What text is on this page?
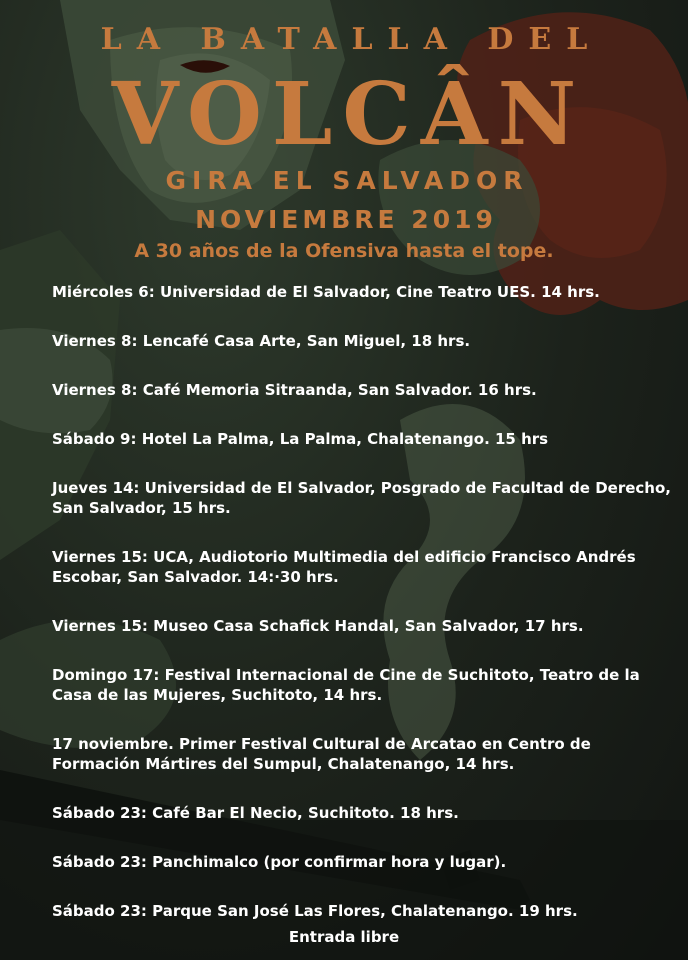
LA BATALLA DEL
VOLCÂN
GIRA EL SALVADOR
NOVIEMBRE 2019
A 30 años de la Ofensiva hasta el tope.
Miércoles 6: Universidad de El Salvador, Cine Teatro UES. 14 hrs.
Viernes 8: Lencafé Casa Arte, San Miguel, 18 hrs.
Viernes 8: Café Memoria Sitraanda, San Salvador. 16 hrs.
Sábado 9: Hotel La Palma, La Palma, Chalatenango. 15 hrs
Jueves 14: Universidad de El Salvador, Posgrado de Facultad de Derecho, San Salvador, 15 hrs.
Viernes 15: UCA, Audiotorio Multimedia del edificio Francisco Andrés Escobar, San Salvador. 14:·30 hrs.
Viernes 15: Museo Casa Schafick Handal, San Salvador, 17 hrs.
Domingo 17: Festival Internacional de Cine de Suchitoto, Teatro de la Casa de las Mujeres, Suchitoto, 14 hrs.
17 noviembre. Primer Festival Cultural de Arcatao en Centro de Formación Mártires del Sumpul, Chalatenango, 14 hrs.
Sábado 23: Café Bar El Necio, Suchitoto. 18 hrs.
Sábado 23: Panchimalco (por confirmar hora y lugar).
Sábado 23: Parque San José Las Flores, Chalatenango. 19 hrs.
Entrada libre
